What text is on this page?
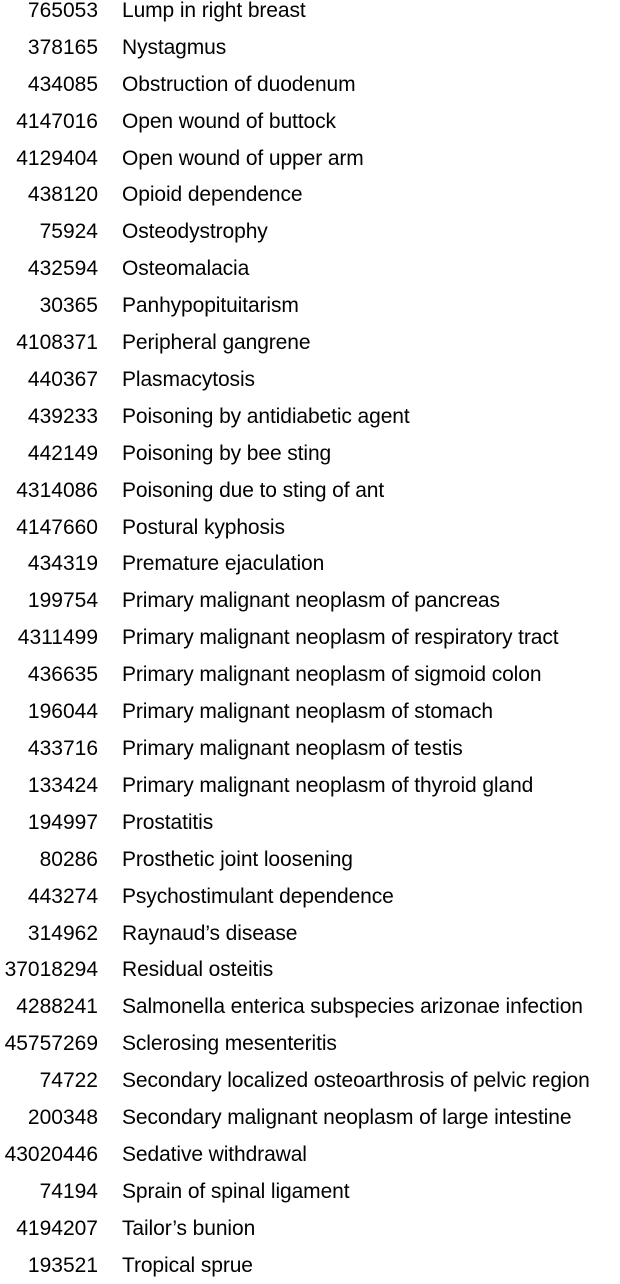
765053 Lump in right breast
378165 Nystagmus
434085 Obstruction of duodenum
4147016 Open wound of buttock
4129404 Open wound of upper arm
438120 Opioid dependence
75924 Osteodystrophy
432594 Osteomalacia
30365 Panhypopituitarism
4108371 Peripheral gangrene
440367 Plasmacytosis
439233 Poisoning by antidiabetic agent
442149 Poisoning by bee sting
4314086 Poisoning due to sting of ant
4147660 Postural kyphosis
434319 Premature ejaculation
199754 Primary malignant neoplasm of pancreas
4311499 Primary malignant neoplasm of respiratory tract
436635 Primary malignant neoplasm of sigmoid colon
196044 Primary malignant neoplasm of stomach
433716 Primary malignant neoplasm of testis
133424 Primary malignant neoplasm of thyroid gland
194997 Prostatitis
80286 Prosthetic joint loosening
443274 Psychostimulant dependence
314962 Raynaud’s disease
37018294 Residual osteitis
4288241 Salmonella enterica subspecies arizonae infection
45757269 Sclerosing mesenteritis
74722 Secondary localized osteoarthrosis of pelvic region
200348 Secondary malignant neoplasm of large intestine
43020446 Sedative withdrawal
74194 Sprain of spinal ligament
4194207 Tailor’s bunion
193521 Tropical sprue
